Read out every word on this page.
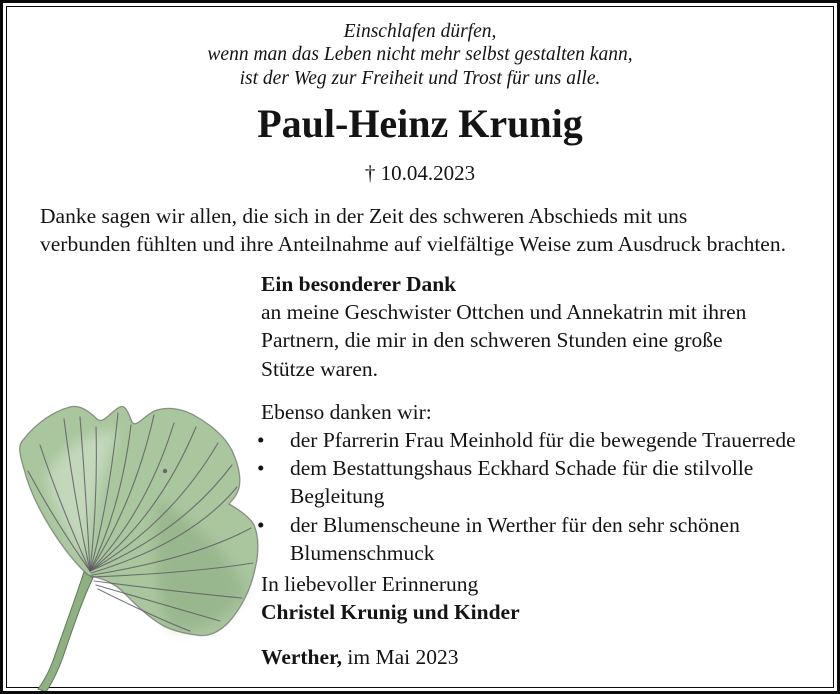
Einschlafen dürfen,
wenn man das Leben nicht mehr selbst gestalten kann,
ist der Weg zur Freiheit und Trost für uns alle.
Paul-Heinz Krunig
† 10.04.2023
Danke sagen wir allen, die sich in der Zeit des schweren Abschieds mit uns
verbunden fühlten und ihre Anteilnahme auf vielfältige Weise zum Ausdruck brachten.
Ein besonderer Dank
an meine Geschwister Ottchen und Annekatrin mit ihren
Partnern, die mir in den schweren Stunden eine große
Stütze waren.
Ebenso danken wir:
•	der Pfarrerin Frau Meinhold für die bewegende Trauerrede
•	dem Bestattungshaus Eckhard Schade für die stilvolle
Begleitung
•	der Blumenscheune in Werther für den sehr schönen
Blumenschmuck
In liebevoller Erinnerung
Christel Krunig und Kinder
Werther, im Mai 2023
